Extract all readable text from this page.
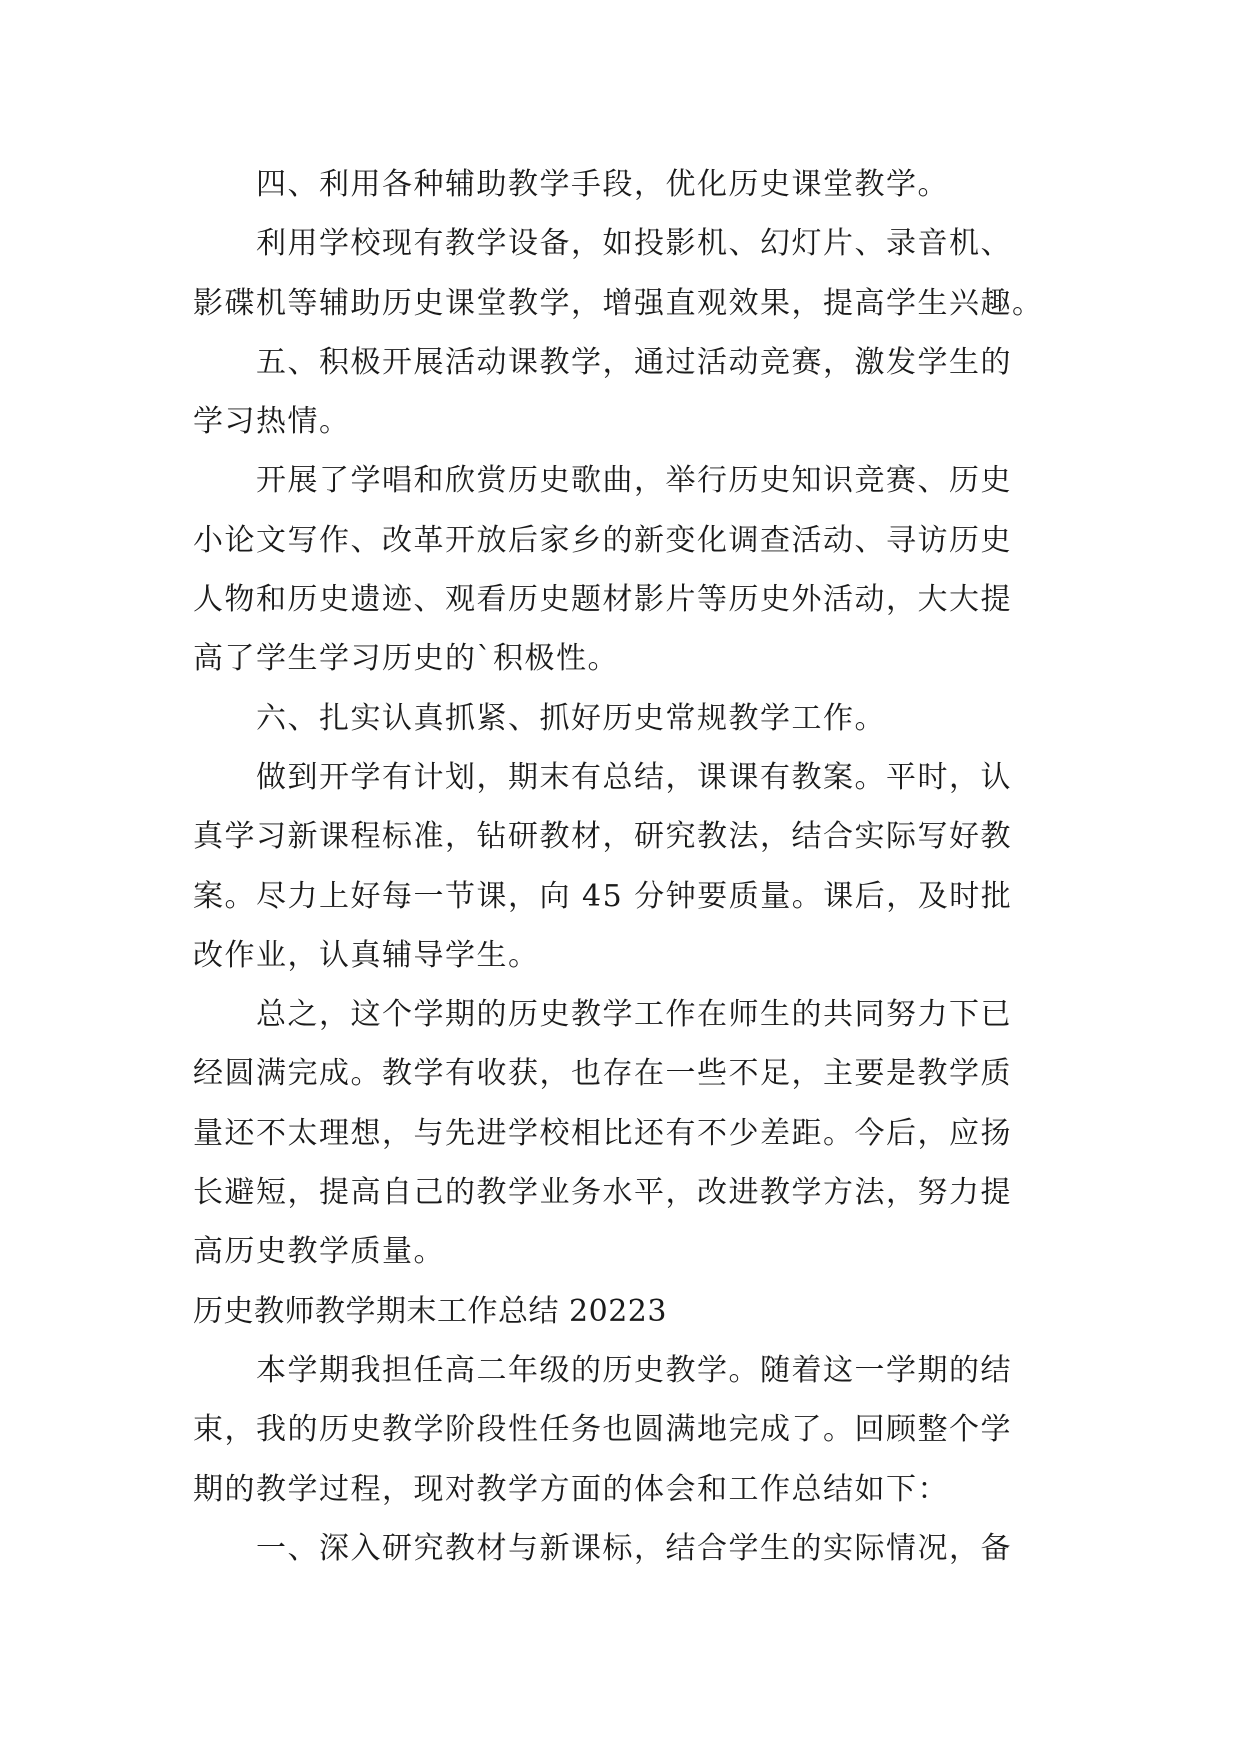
四、利用各种辅助教学手段，优化历史课堂教学。
利用学校现有教学设备，如投影机、幻灯片、录音机、
影碟机等辅助历史课堂教学，增强直观效果，提高学生兴趣。
五、积极开展活动课教学，通过活动竞赛，激发学生的
学习热情。
开展了学唱和欣赏历史歌曲，举行历史知识竞赛、历史
小论文写作、改革开放后家乡的新变化调查活动、寻访历史
人物和历史遗迹、观看历史题材影片等历史外活动，大大提
高了学生学习历史的`积极性。
六、扎实认真抓紧、抓好历史常规教学工作。
做到开学有计划，期末有总结，课课有教案。平时，认
真学习新课程标准，钻研教材，研究教法，结合实际写好教
案。尽力上好每一节课，向 45 分钟要质量。课后，及时批
改作业，认真辅导学生。
总之，这个学期的历史教学工作在师生的共同努力下已
经圆满完成。教学有收获，也存在一些不足，主要是教学质
量还不太理想，与先进学校相比还有不少差距。今后，应扬
长避短，提高自己的教学业务水平，改进教学方法，努力提
高历史教学质量。
历史教师教学期末工作总结 20223
本学期我担任高二年级的历史教学。随着这一学期的结
束，我的历史教学阶段性任务也圆满地完成了。回顾整个学
期的教学过程，现对教学方面的体会和工作总结如下：
一、深入研究教材与新课标，结合学生的实际情况，备
